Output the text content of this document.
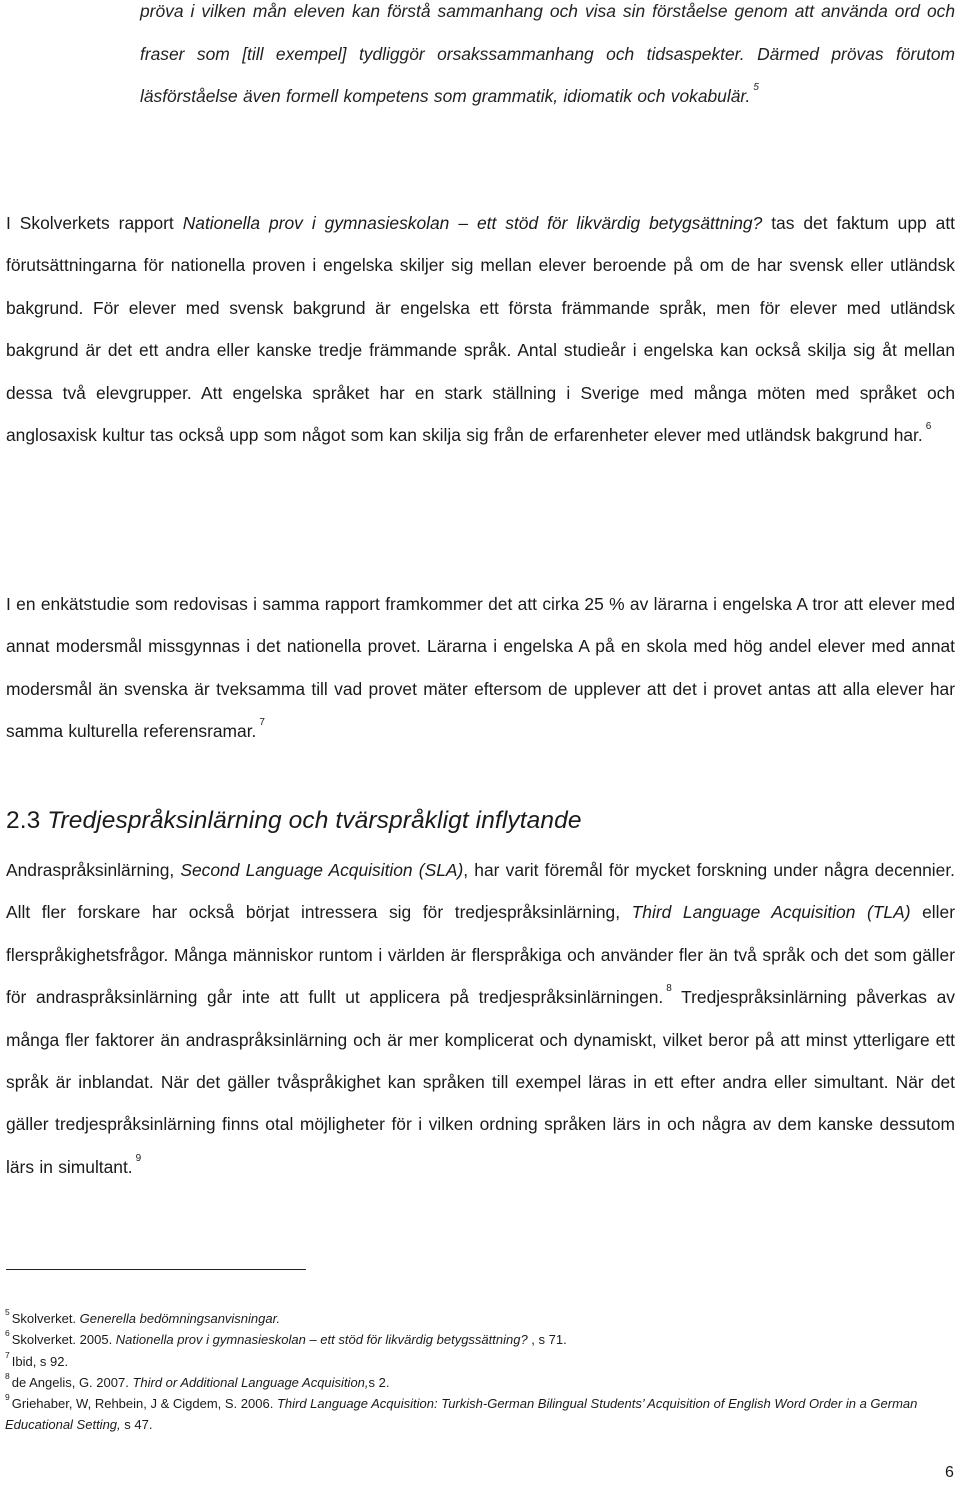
pröva i vilken mån eleven kan förstå sammanhang och visa sin förståelse genom att använda ord och fraser som [till exempel] tydliggör orsakssammanhang och tidsaspekter. Därmed prövas förutom läsförståelse även formell kompetens som grammatik, idiomatik och vokabulär. $^5$

I Skolverkets rapport Nationella prov i gymnasieskolan – ett stöd för likvärdig betygsättning? tas det faktum upp att förutsättningarna för nationella proven i engelska skiljer sig mellan elever beroende på om de har svensk eller utländsk bakgrund. För elever med svensk bakgrund är engelska ett första främmande språk, men för elever med utländsk bakgrund är det ett andra eller kanske tredje främmande språk. Antal studieår i engelska kan också skilja sig åt mellan dessa två elevgrupper. Att engelska språket har en stark ställning i Sverige med många möten med språket och anglosaxisk kultur tas också upp som något som kan skilja sig från de erfarenheter elever med utländsk bakgrund har. $^6$

I en enkätstudie som redovisas i samma rapport framkommer det att cirka 25 % av lärarna i engelska A tror att elever med annat modersmål missgynnas i det nationella provet. Lärarna i engelska A på en skola med hög andel elever med annat modersmål än svenska är tveksamma till vad provet mäter eftersom de upplever att det i provet antas att alla elever har samma kulturella referensramar. $^7$

2.3 Tredjespråksinlärning och tvärspråkligt inflytande

Andraspråksinlärning, Second Language Acquisition (SLA), har varit föremål för mycket forskning under några decennier. Allt fler forskare har också börjat intressera sig för tredjespråksinlärning, Third Language Acquisition (TLA) eller flerspråkighetsfrågor. Många människor runtom i världen är flerspråkiga och använder fler än två språk och det som gäller för andraspråksinlärning går inte att fullt ut applicera på tredjespråksinlärningen. $^8$ Tredjespråksinlärning påverkas av många fler faktorer än andraspråksinlärning och är mer komplicerat och dynamiskt, vilket beror på att minst ytterligare ett språk är inblandat. När det gäller tvåspråkighet kan språken till exempel läras in ett efter andra eller simultant. När det gäller tredjespråksinlärning finns otal möjligheter för i vilken ordning språken lärs in och några av dem kanske dessutom lärs in simultant. $^9$

$^5$ Skolverket. Generella bedömningsanvisningar.

$^6$ Skolverket. 2005. Nationella prov i gymnasieskolan – ett stöd för likvärdig betygssättning? , s 71.

$^7$ Ibid, s 92.

$^8$ de Angelis, G. 2007. Third or Additional Language Acquisition,s 2.

$^9$ Griehaber, W, Rehbein, J & Cigdem, S. 2006. Third Language Acquisition: Turkish-German Bilingual Students’ Acquisition of English Word Order in a German Educational Setting, s 47.

6
